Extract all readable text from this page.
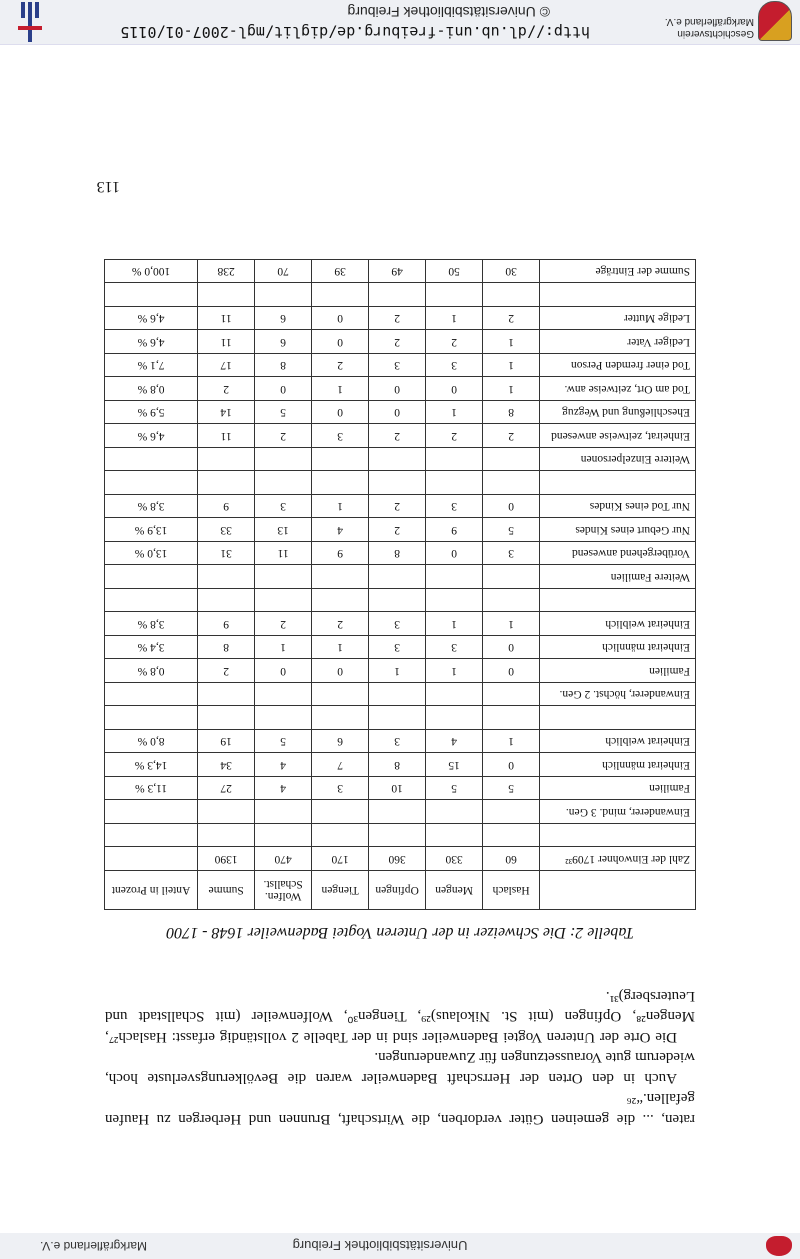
Universitätsbibliothek Freiburg
Markgräflerland e.V.

raten, ... die gemeinen Güter verdorben, die Wirtschaft, Brunnen und Herbergen zu Haufen gefallen.“²⁶

Auch in den Orten der Herrschaft Badenweiler waren die Bevölkerungsverluste hoch, wiederum gute Voraussetzungen für Zuwanderungen.

Die Orte der Unteren Vogtei Badenweiler sind in der Tabelle 2 vollständig erfasst: Haslach²⁷, Mengen²⁸, Opfingen (mit St. Nikolaus)²⁹, Tiengen³⁰, Wolfenweiler (mit Schallstadt und Leutersberg)³¹.

Tabelle 2: Die Schweizer in der Unteren Vogtei Badenweiler 1648 - 1700
	Haslach	Mengen	Opfingen	Tiengen	Wolfen. Schallst.	Summe	Anteil in Prozent
Zahl der Einwohner 1709³²	60	330	360	170	470	1390	

Einwanderer, mind. 3 Gen.							
Familien	5	5	10	3	4	27	11,3 %
Einheirat männlich	0	15	8	7	4	34	14,3 %
Einheirat weiblich	1	4	3	6	5	19	8,0 %

Einwanderer, höchst. 2 Gen.							
Familien	0	1	1	0	0	2	0,8 %
Einheirat männlich	0	3	3	1	1	8	3,4 %
Einheirat weiblich	1	1	3	2	2	9	3,8 %

Weitere Familien							
Vorübergehend anwesend	3	0	8	9	11	31	13,0 %
Nur Geburt eines Kindes	5	9	2	4	13	33	13,9 %
Nur Tod eines Kindes	0	3	2	1	3	9	3,8 %

Weitere Einzelpersonen							
Einheirat, zeitweise anwesend	2	2	2	3	2	11	4,6 %
Eheschließung und Wegzug	8	1	0	0	5	14	5,9 %
Tod am Ort, zeitweise anw.	1	0	0	1	0	2	0,8 %
Tod einer fremden Person	1	3	3	2	8	17	7,1 %
Lediger Vater	1	2	2	0	6	11	4,6 %
Ledige Mutter	2	1	2	0	6	11	4,6 %

Summe der Einträge	30	50	49	39	70	238	100,0 %
113
Geschichtsverein
Markgräflerland e.V.
http://dl.ub.uni-freiburg.de/diglit/mgl-2007-01/0115
© Universitätsbibliothek Freiburg
